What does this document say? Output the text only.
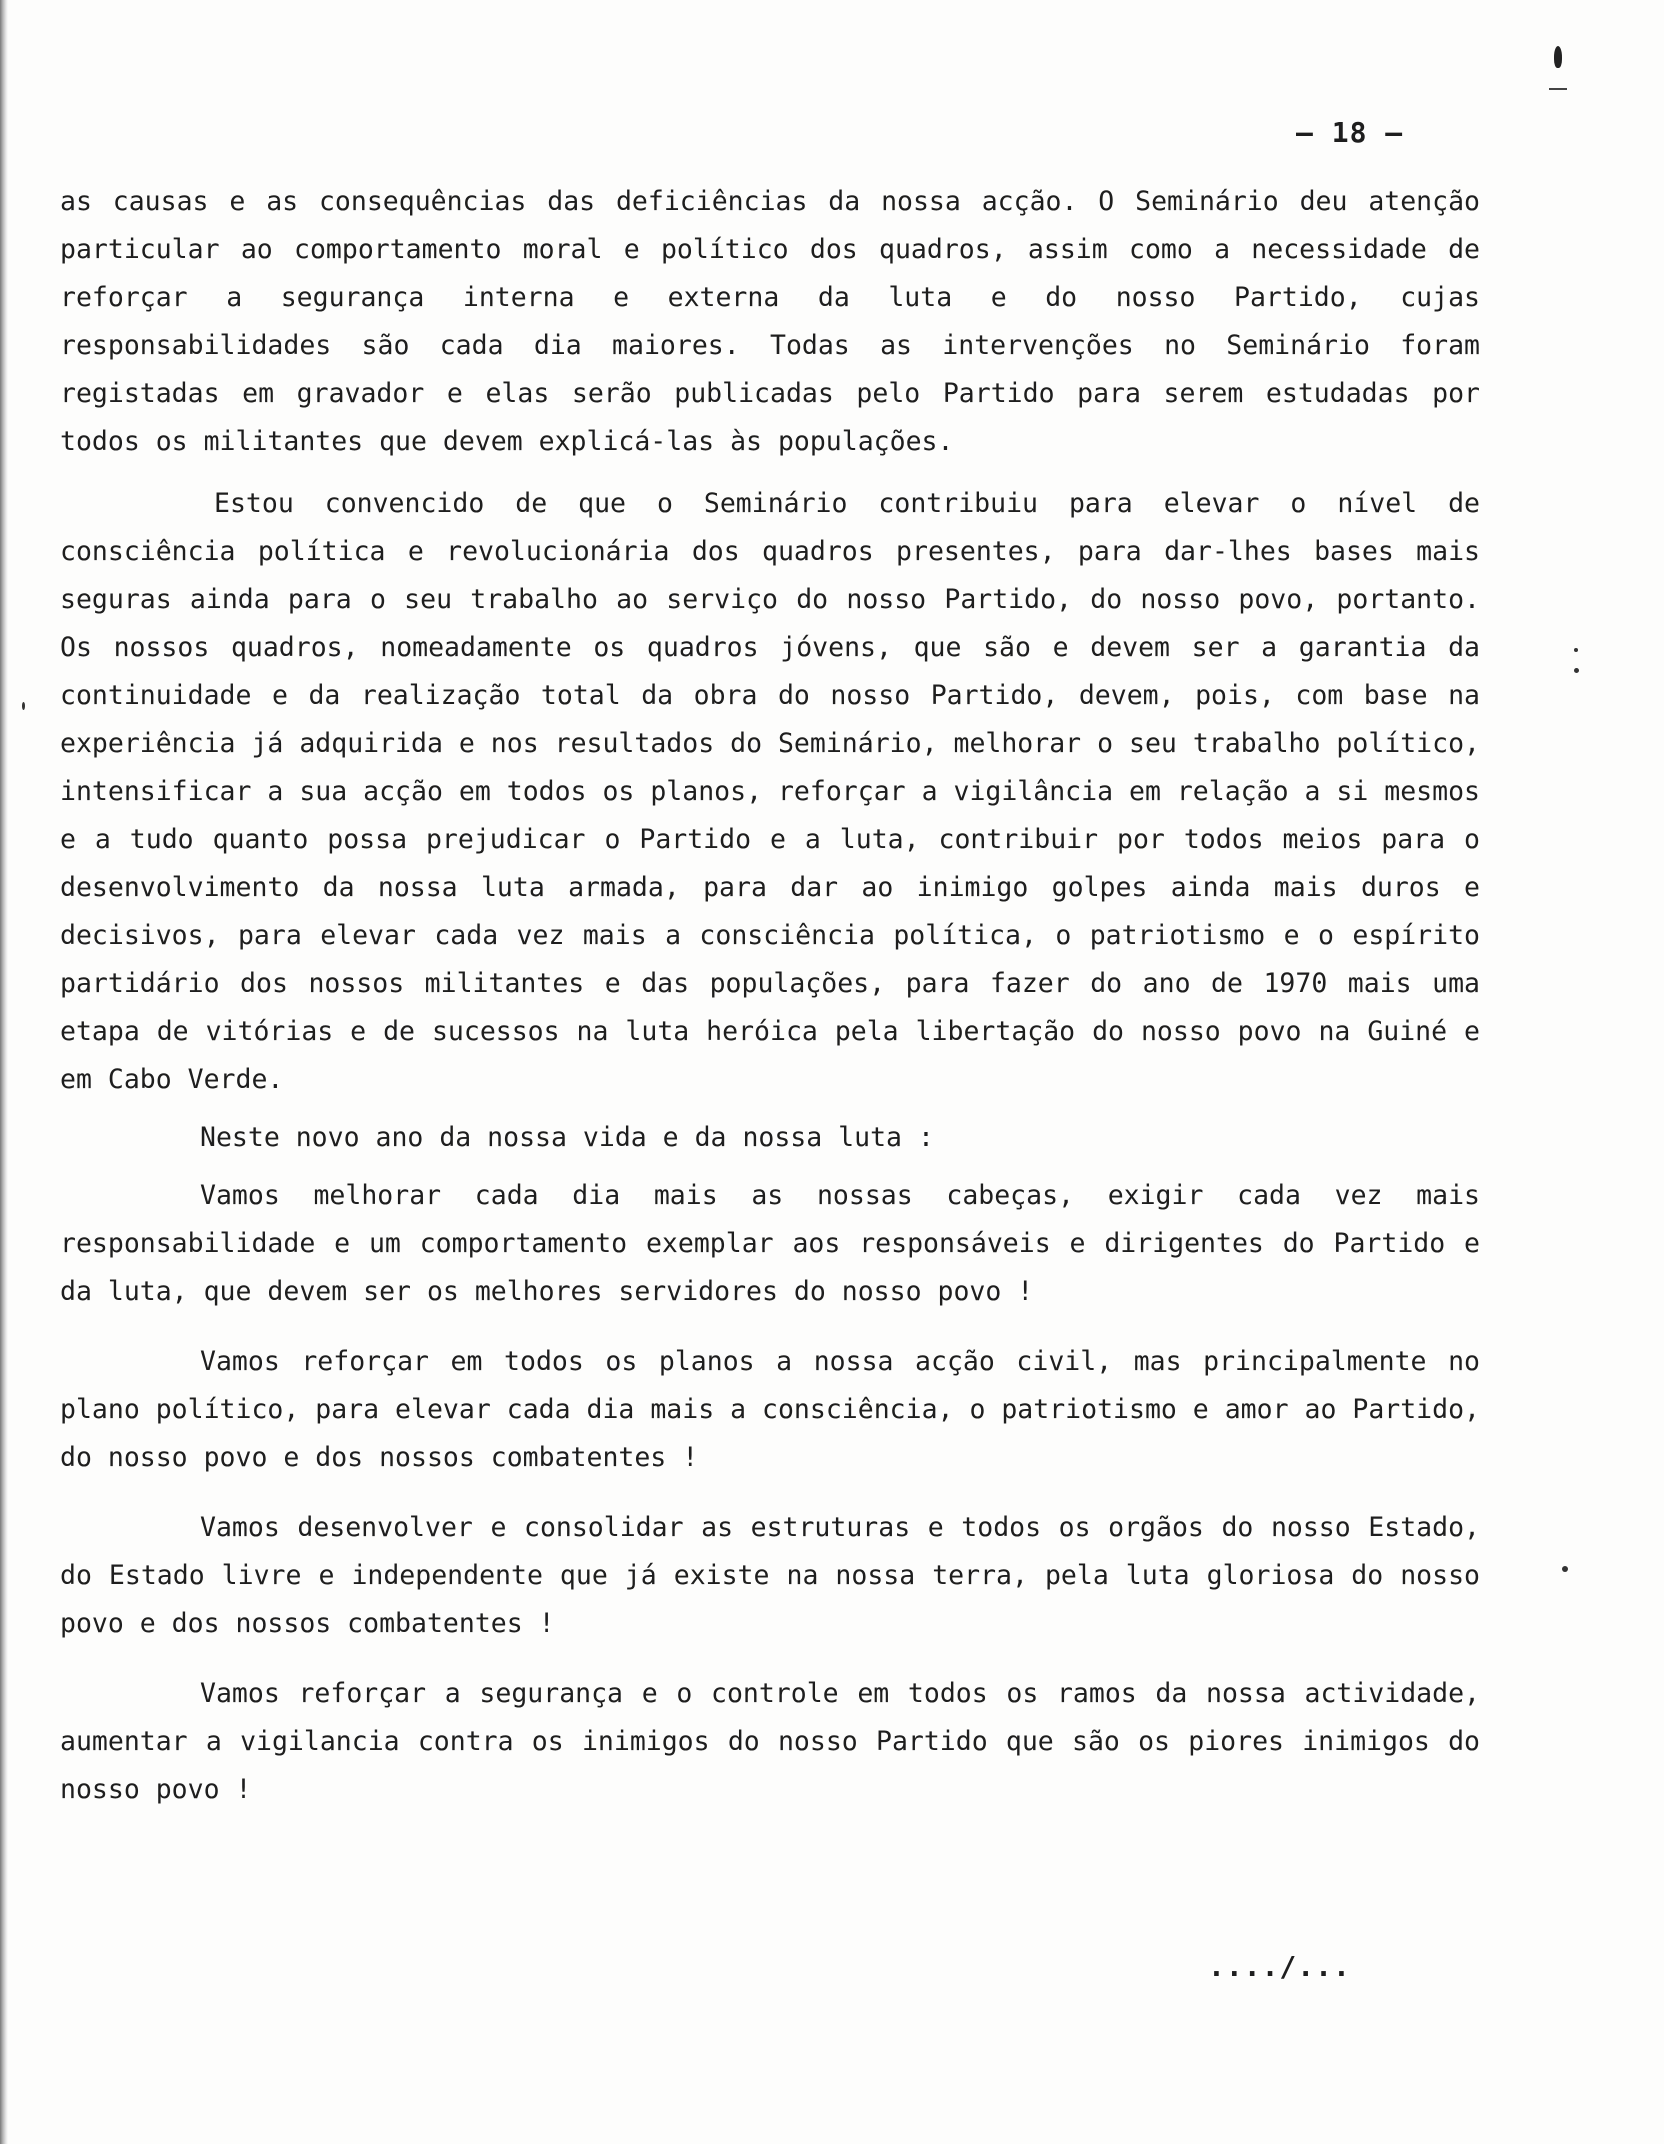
– 18 –

as causas e as consequências das deficiências da nossa acção. O Seminário deu atenção particular ao comportamento moral e político dos quadros, assim como a necessidade de reforçar a segurança interna e externa da luta e do nosso Partido, cujas responsabilidades são cada dia maiores. Todas as intervenções no Seminário foram registadas em gravador e elas serão publicadas pelo Partido para serem estudadas por todos os militantes que devem explicá-las às populações.

Estou convencido de que o Seminário contribuiu para elevar o nível de consciência política e revolucionária dos quadros presentes, para dar-lhes bases mais seguras ainda para o seu trabalho ao serviço do nosso Partido, do nosso povo, portanto. Os nossos quadros, nomeadamente os quadros jóvens, que são e devem ser a garantia da continuidade e da realização total da obra do nosso Partido, devem, pois, com base na experiência já adquirida e nos resultados do Seminário, melhorar o seu trabalho político, intensificar a sua acção em todos os planos, reforçar a vigilância em relação a si mesmos e a tudo quanto possa prejudicar o Partido e a luta, contribuir por todos meios para o desenvolvimento da nossa luta armada, para dar ao inimigo golpes ainda mais duros e decisivos, para elevar cada vez mais a consciência política, o patriotismo e o espírito partidário dos nossos militantes e das populações, para fazer do ano de 1970 mais uma etapa de vitórias e de sucessos na luta heróica pela libertação do nosso povo na Guiné e em Cabo Verde.

Neste novo ano da nossa vida e da nossa luta :

Vamos melhorar cada dia mais as nossas cabeças, exigir cada vez mais responsabilidade e um comportamento exemplar aos responsáveis e dirigentes do Partido e da luta, que devem ser os melhores servidores do nosso povo !

Vamos reforçar em todos os planos a nossa acção civil, mas principalmente no plano político, para elevar cada dia mais a consciência, o patriotismo e amor ao Partido, do nosso povo e dos nossos combatentes !

Vamos desenvolver e consolidar as estruturas e todos os orgãos do nosso Estado, do Estado livre e independente que já existe na nossa terra, pela luta gloriosa do nosso povo e dos nossos combatentes !

Vamos reforçar a segurança e o controle em todos os ramos da nossa actividade, aumentar a vigilancia contra os inimigos do nosso Partido que são os piores inimigos do nosso povo !

..../...
